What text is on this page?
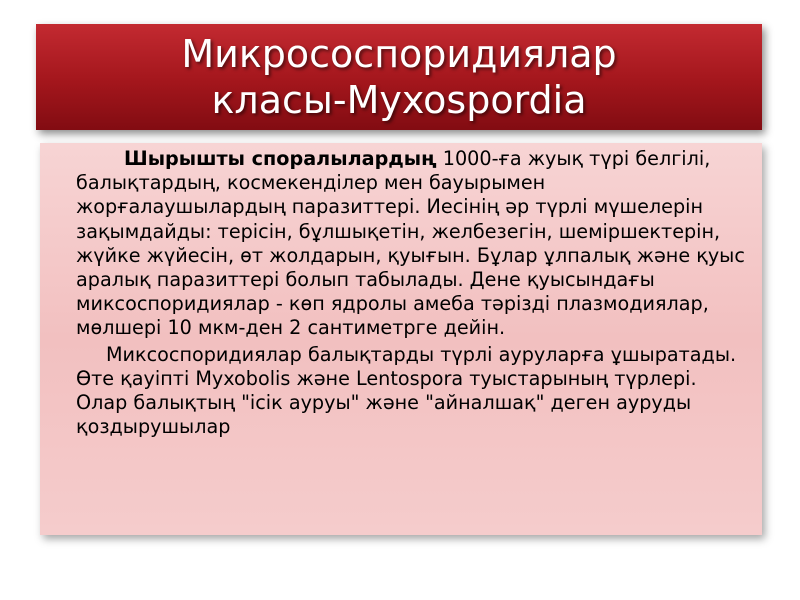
Микрососпоридиялар
класы-Myxospordia

Шырышты споралылардың 1000-ға жуық түрі белгілі, балықтардың, космекенділер мен бауырымен жорғалаушылардың паразиттері. Иесінің әр түрлі мүшелерін зақымдайды: терісін, бұлшықетін, желбезегін, шеміршектерін, жүйке жүйесін, өт жолдарын, қуығын. Бұлар ұлпалық және қуыс аралық паразиттері болып табылады. Дене қуысындағы миксоспоридиялар - көп ядролы амеба тәрізді плазмодиялар, мөлшері 10 мкм-ден 2 сантиметрге дейін.

Миксоспоридиялар балықтарды түрлі ауруларға ұшыратады. Өте қауіпті Myxobolis және Lentospora туыстарының түрлері. Олар балықтың "ісік ауруы" және "айналшақ" деген ауруды қоздырушылар
